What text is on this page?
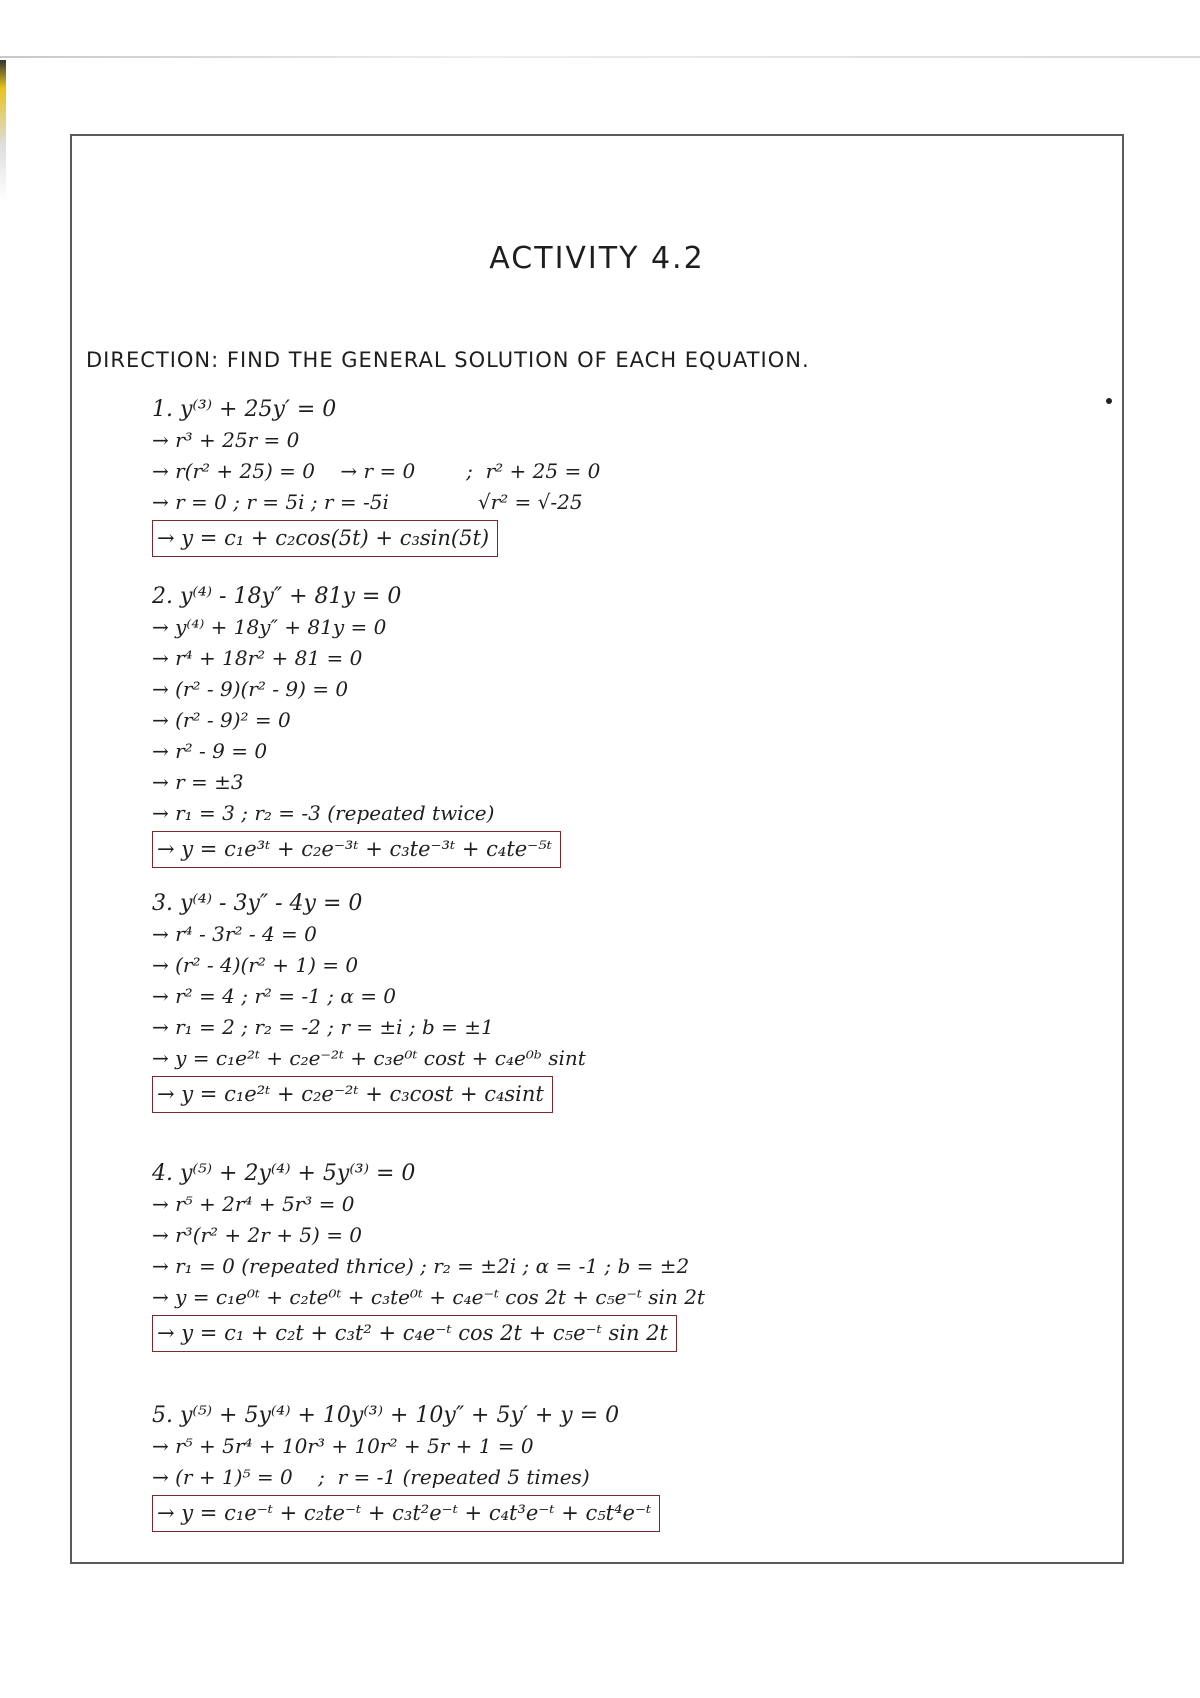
ACTIVITY 4.2

DIRECTION: FIND THE GENERAL SOLUTION OF EACH EQUATION.

1. y⁽³⁾ + 25y′ = 0
→ r³ + 25r = 0
→ r(r² + 25) = 0    → r = 0        ;  r² + 25 = 0
→ r = 0 ; r = 5i ; r = -5i              √r² = √-25
→ y = c₁ + c₂cos(5t) + c₃sin(5t)
2. y⁽⁴⁾ - 18y″ + 81y = 0
→ y⁽⁴⁾ + 18y″ + 81y = 0
→ r⁴ + 18r² + 81 = 0
→ (r² - 9)(r² - 9) = 0
→ (r² - 9)² = 0
→ r² - 9 = 0
→ r = ±3
→ r₁ = 3 ; r₂ = -3 (repeated twice)
→ y = c₁e³ᵗ + c₂e⁻³ᵗ + c₃te⁻³ᵗ + c₄te⁻⁵ᵗ
3. y⁽⁴⁾ - 3y″ - 4y = 0
→ r⁴ - 3r² - 4 = 0
→ (r² - 4)(r² + 1) = 0
→ r² = 4 ; r² = -1 ; α = 0
→ r₁ = 2 ; r₂ = -2 ; r = ±i ; b = ±1
→ y = c₁e²ᵗ + c₂e⁻²ᵗ + c₃e⁰ᵗ cost + c₄e⁰ᵇ sint
→ y = c₁e²ᵗ + c₂e⁻²ᵗ + c₃cost + c₄sint
4. y⁽⁵⁾ + 2y⁽⁴⁾ + 5y⁽³⁾ = 0
→ r⁵ + 2r⁴ + 5r³ = 0
→ r³(r² + 2r + 5) = 0
→ r₁ = 0 (repeated thrice) ; r₂ = ±2i ; α = -1 ; b = ±2
→ y = c₁e⁰ᵗ + c₂te⁰ᵗ + c₃te⁰ᵗ + c₄e⁻ᵗ cos 2t + c₅e⁻ᵗ sin 2t
→ y = c₁ + c₂t + c₃t² + c₄e⁻ᵗ cos 2t + c₅e⁻ᵗ sin 2t
5. y⁽⁵⁾ + 5y⁽⁴⁾ + 10y⁽³⁾ + 10y″ + 5y′ + y = 0
→ r⁵ + 5r⁴ + 10r³ + 10r² + 5r + 1 = 0
→ (r + 1)⁵ = 0    ;  r = -1 (repeated 5 times)
→ y = c₁e⁻ᵗ + c₂te⁻ᵗ + c₃t²e⁻ᵗ + c₄t³e⁻ᵗ + c₅t⁴e⁻ᵗ
